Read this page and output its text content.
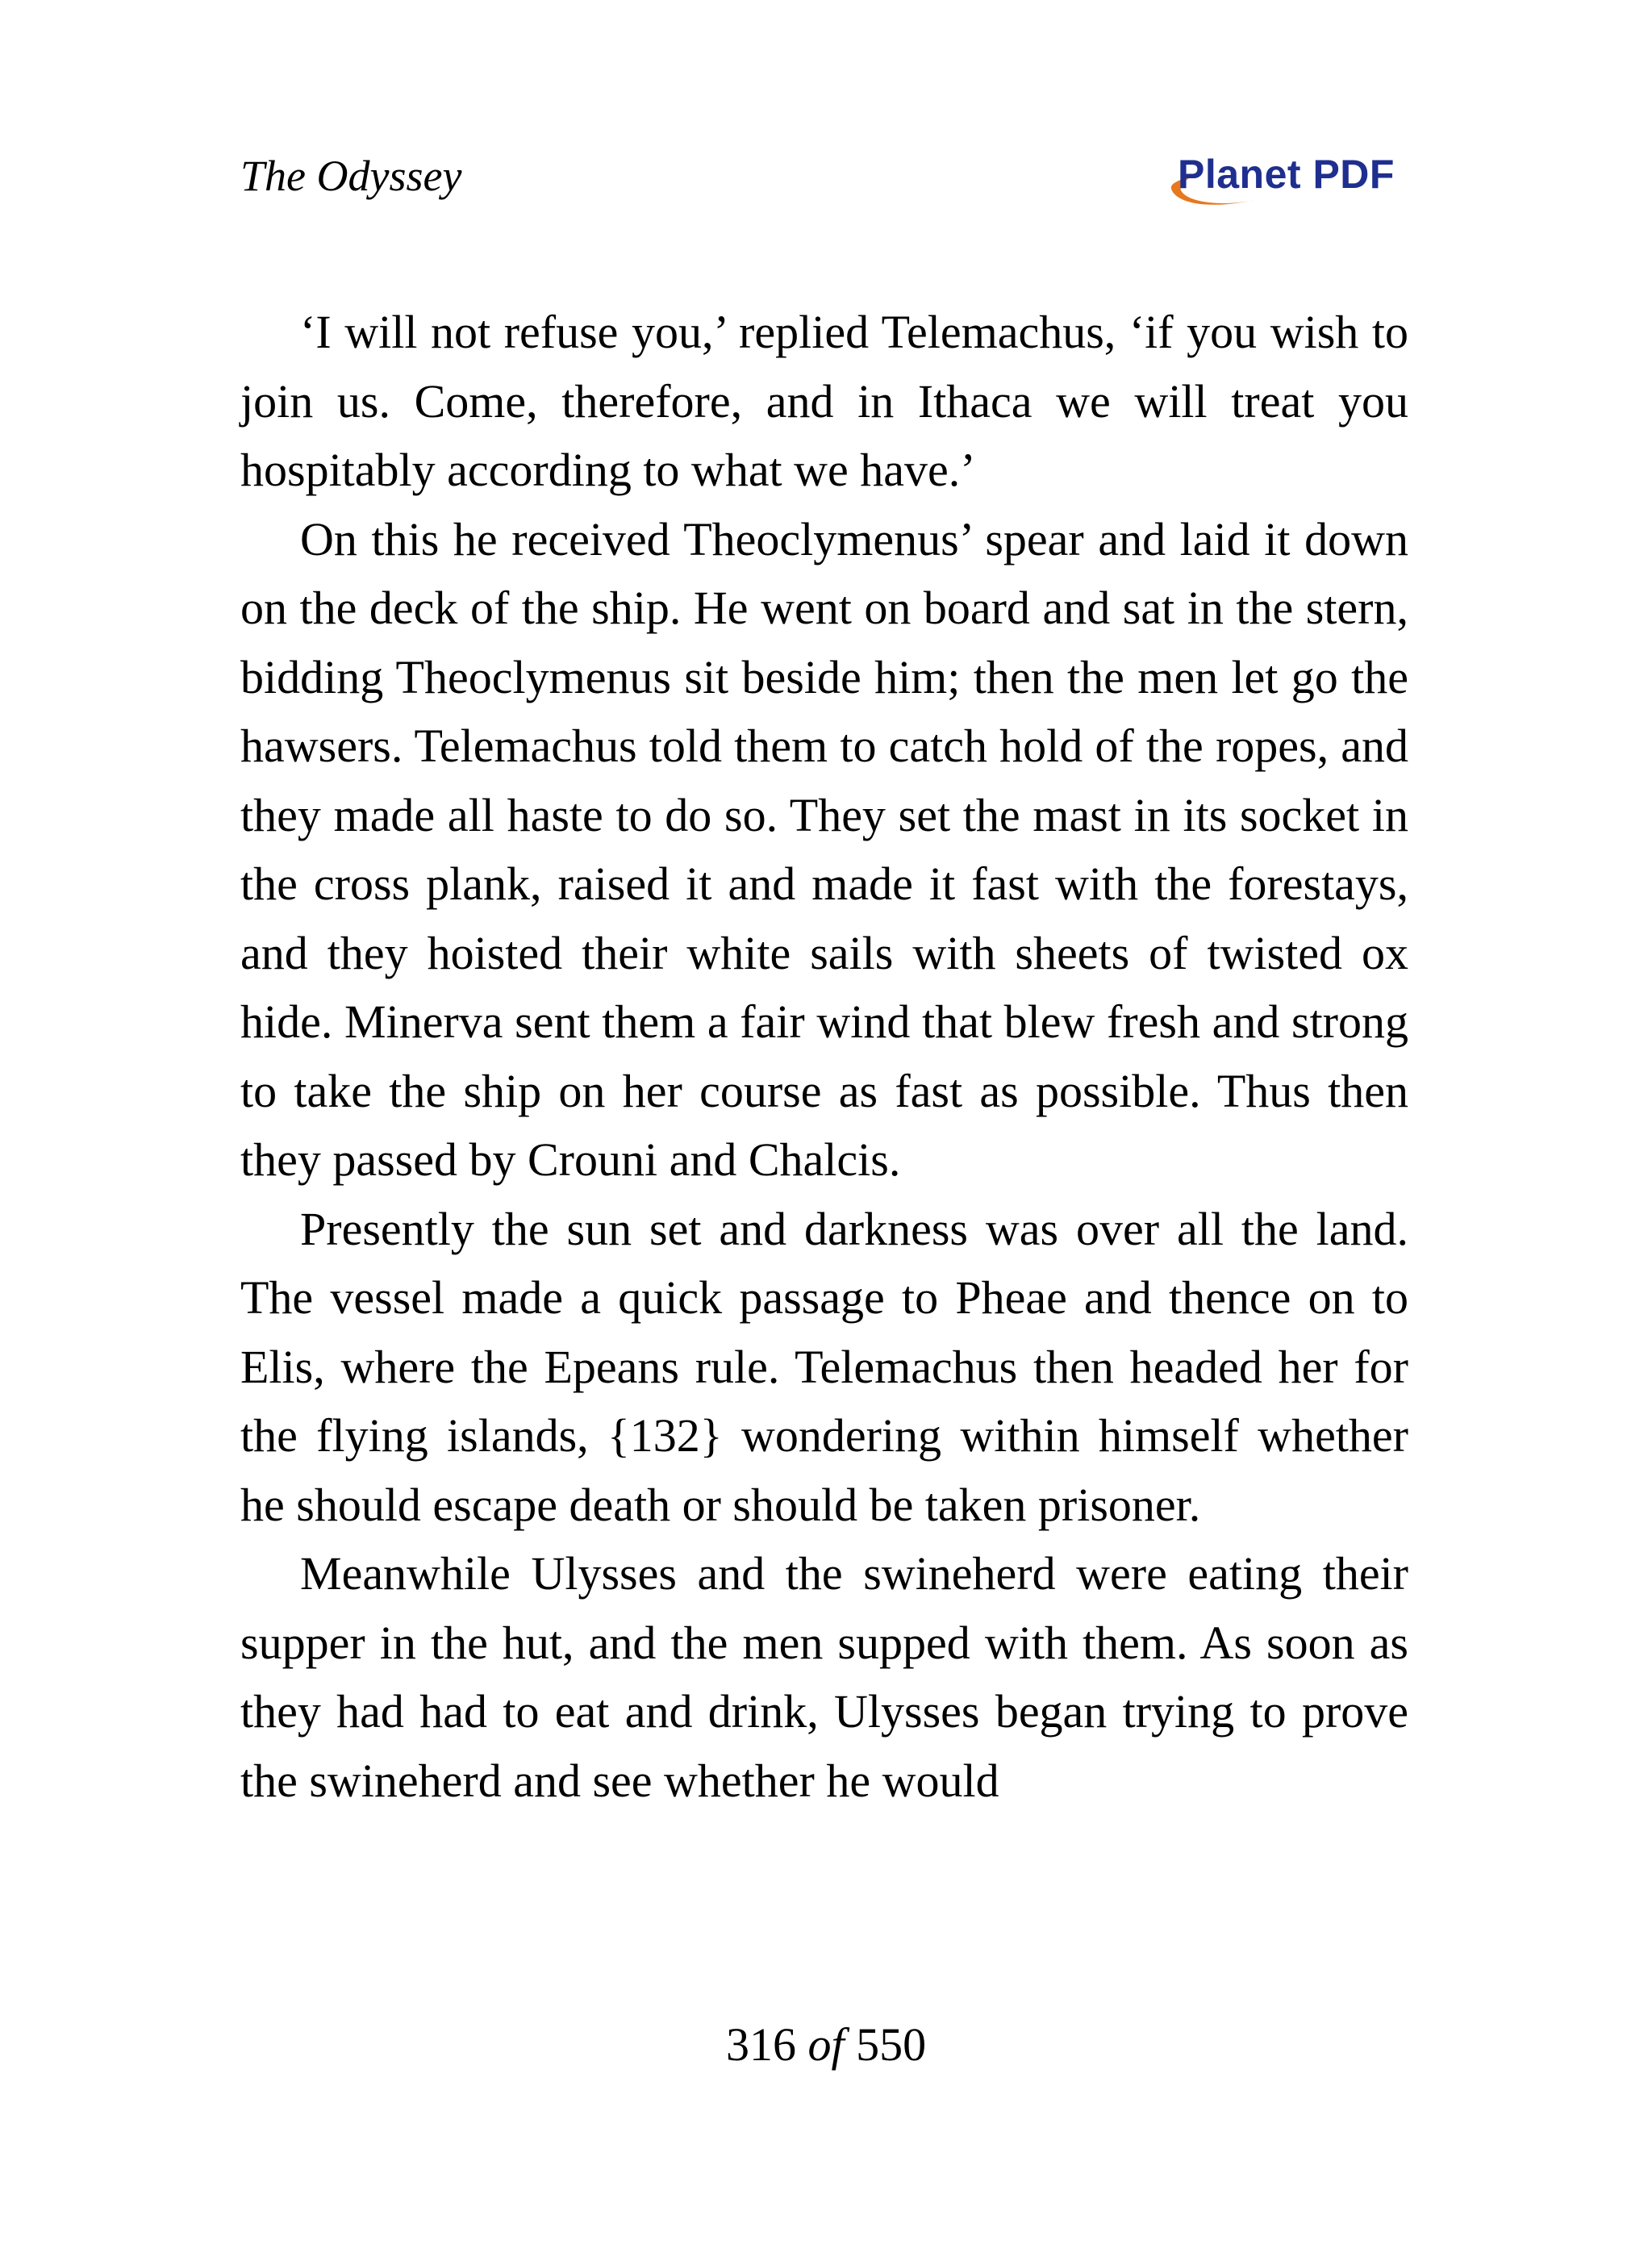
The Odyssey	Planet PDF

‘I will not refuse you,’ replied Telemachus, ‘if you wish to join us. Come, therefore, and in Ithaca we will treat you hospitably according to what we have.’

On this he received Theoclymenus’ spear and laid it down on the deck of the ship. He went on board and sat in the stern, bidding Theoclymenus sit beside him; then the men let go the hawsers. Telemachus told them to catch hold of the ropes, and they made all haste to do so. They set the mast in its socket in the cross plank, raised it and made it fast with the forestays, and they hoisted their white sails with sheets of twisted ox hide. Minerva sent them a fair wind that blew fresh and strong to take the ship on her course as fast as possible. Thus then they passed by Crouni and Chalcis.

Presently the sun set and darkness was over all the land. The vessel made a quick passage to Pheae and thence on to Elis, where the Epeans rule. Telemachus then headed her for the flying islands, {132} wondering within himself whether he should escape death or should be taken prisoner.

Meanwhile Ulysses and the swineherd were eating their supper in the hut, and the men supped with them. As soon as they had had to eat and drink, Ulysses began trying to prove the swineherd and see whether he would

316 of 550
